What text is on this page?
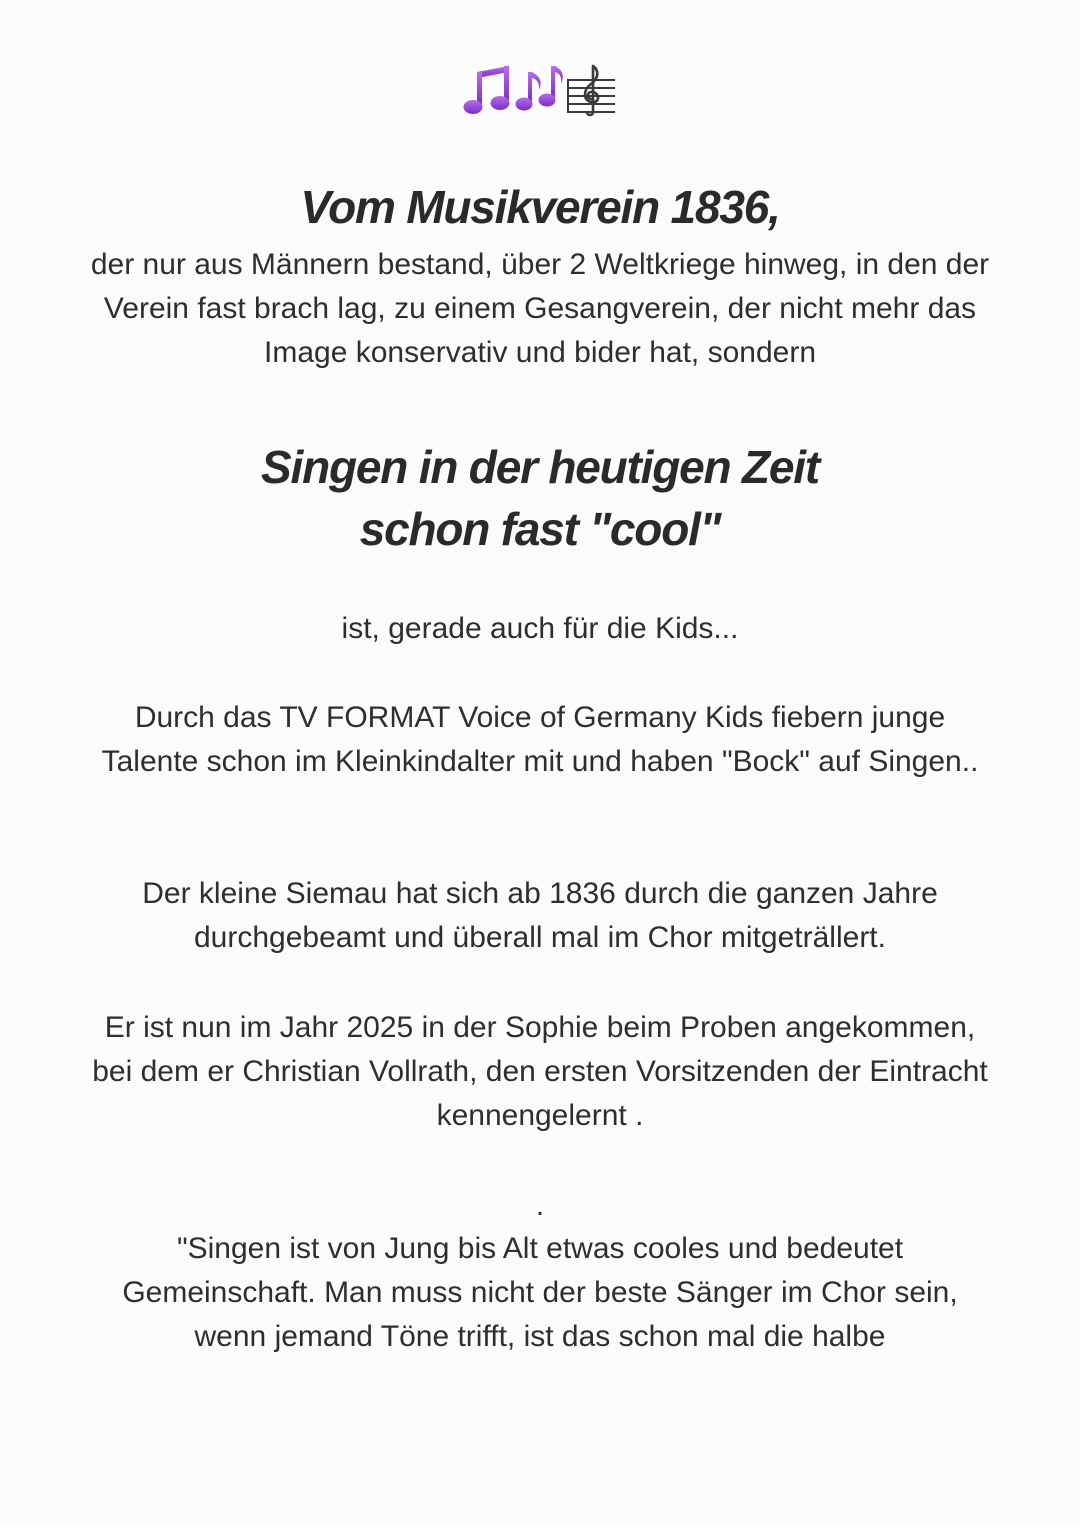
Vom Musikverein 1836,

der nur aus Männern bestand, über 2 Weltkriege hinweg, in den der Verein fast brach lag, zu einem Gesangverein, der nicht mehr das Image konservativ und bider hat, sondern

Singen in der heutigen Zeit
schon fast "cool"

ist, gerade auch für die Kids...

Durch das TV FORMAT Voice of Germany Kids fiebern junge Talente schon im Kleinkindalter mit und haben "Bock" auf Singen..

Der kleine Siemau hat sich ab 1836 durch die ganzen Jahre durchgebeamt und überall mal im Chor mitgeträllert.

Er ist nun im Jahr 2025 in der Sophie beim Proben angekommen, bei dem er Christian Vollrath, den ersten Vorsitzenden der Eintracht kennengelernt .

.

"Singen ist von Jung bis Alt etwas cooles und bedeutet Gemeinschaft. Man muss nicht der beste Sänger im Chor sein, wenn jemand Töne trifft, ist das schon mal die halbe
